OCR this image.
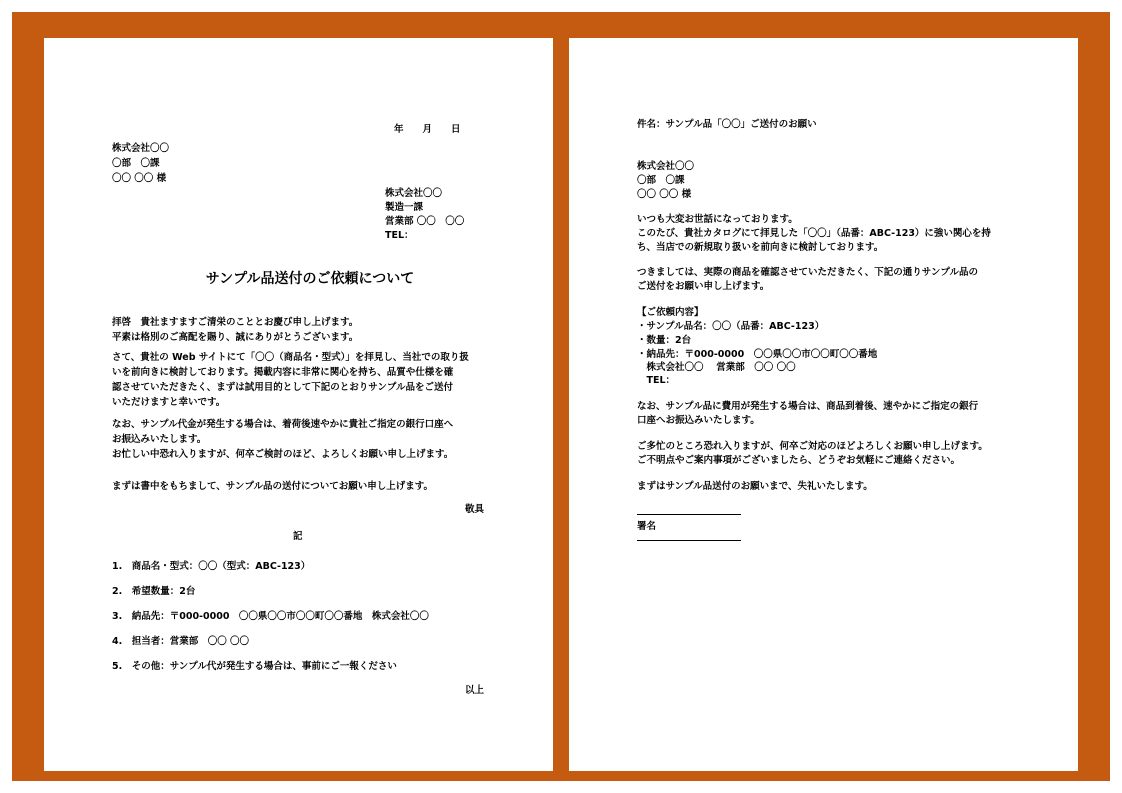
年　　月　　日
株式会社〇〇
〇部　〇課
〇〇 〇〇 様
株式会社〇〇
製造一課
営業部 〇〇　〇〇
TEL：
サンプル品送付のご依頼について
拝啓　貴社ますますご清栄のこととお慶び申し上げます。
平素は格別のご高配を賜り、誠にありがとうございます。
さて、貴社の Web サイトにて「〇〇（商品名・型式）」を拝見し、当社での取り扱
いを前向きに検討しております。掲載内容に非常に関心を持ち、品質や仕様を確
認させていただきたく、まずは試用目的として下記のとおりサンプル品をご送付
いただけますと幸いです。
なお、サンプル代金が発生する場合は、着荷後速やかに貴社ご指定の銀行口座へ
お振込みいたします。
お忙しい中恐れ入りますが、何卒ご検討のほど、よろしくお願い申し上げます。
まずは書中をもちまして、サンプル品の送付についてお願い申し上げます。
敬具
記
1.　商品名・型式：〇〇（型式：ABC-123）
2.　希望数量：2台
3.　納品先：〒000-0000　〇〇県〇〇市〇〇町〇〇番地　株式会社〇〇
4.　担当者：営業部　〇〇 〇〇
5.　その他：サンプル代が発生する場合は、事前にご一報ください
以上
件名：サンプル品「〇〇」ご送付のお願い
株式会社〇〇
〇部　〇課
〇〇 〇〇 様
いつも大変お世話になっております。
このたび、貴社カタログにて拝見した「〇〇」（品番：ABC-123）に強い関心を持
ち、当店での新規取り扱いを前向きに検討しております。
つきましては、実際の商品を確認させていただきたく、下記の通りサンプル品の
ご送付をお願い申し上げます。
【ご依頼内容】
・サンプル品名：〇〇（品番：ABC-123）
・数量：2台
・納品先：〒000-0000　〇〇県〇〇市〇〇町〇〇番地
　株式会社〇〇　 営業部　〇〇 〇〇
　TEL：
なお、サンプル品に費用が発生する場合は、商品到着後、速やかにご指定の銀行
口座へお振込みいたします。
ご多忙のところ恐れ入りますが、何卒ご対応のほどよろしくお願い申し上げます。
ご不明点やご案内事項がございましたら、どうぞお気軽にご連絡ください。
まずはサンプル品送付のお願いまで、失礼いたします。
署名
